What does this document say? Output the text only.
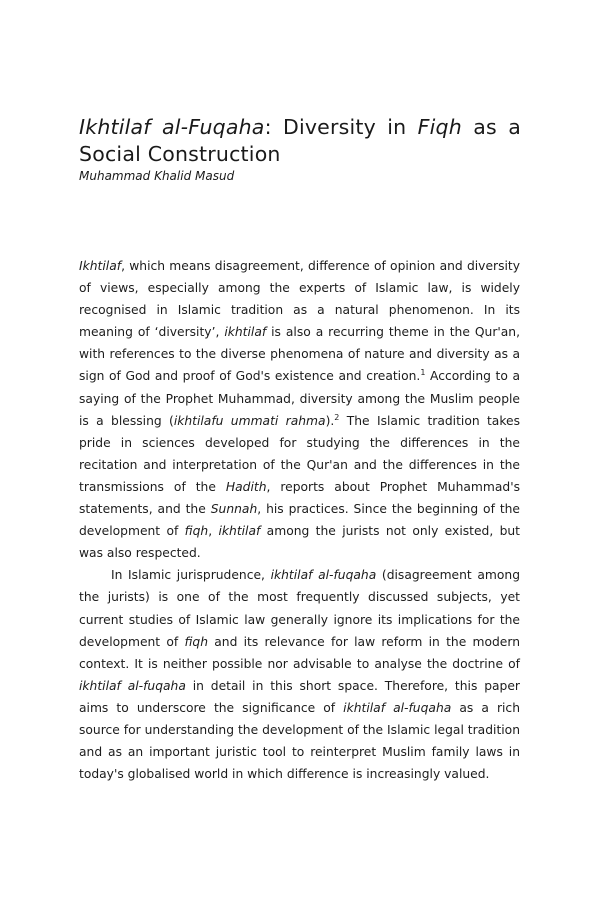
Ikhtilaf al-Fuqaha: Diversity in Fiqh as a
Social Construction

Muhammad Khalid Masud

Ikhtilaf, which means disagreement, difference of opinion and diversity of views, especially among the experts of Islamic law, is widely recognised in Islamic tradition as a natural phenomenon. In its meaning of ‘diversity’, ikhtilaf is also a recurring theme in the Qur'an, with references to the diverse phenomena of nature and diversity as a sign of God and proof of God's existence and creation.$^1$ According to a saying of the Prophet Muhammad, diversity among the Muslim people is a blessing (ikhtilafu ummati rahma).$^2$ The Islamic tradition takes pride in sciences developed for studying the differences in the recitation and interpretation of the Qur'an and the differences in the transmissions of the Hadith, reports about Prophet Muhammad's statements, and the Sunnah, his practices. Since the beginning of the development of fiqh, ikhtilaf among the jurists not only existed, but was also respected.

In Islamic jurisprudence, ikhtilaf al-fuqaha (disagreement among the jurists) is one of the most frequently discussed subjects, yet current studies of Islamic law generally ignore its implications for the development of fiqh and its relevance for law reform in the modern context. It is neither possible nor advisable to analyse the doctrine of ikhtilaf al-fuqaha in detail in this short space. Therefore, this paper aims to underscore the significance of ikhtilaf al-fuqaha as a rich source for understanding the development of the Islamic legal tradition and as an important juristic tool to reinterpret Muslim family laws in today's globalised world in which difference is increasingly valued.
